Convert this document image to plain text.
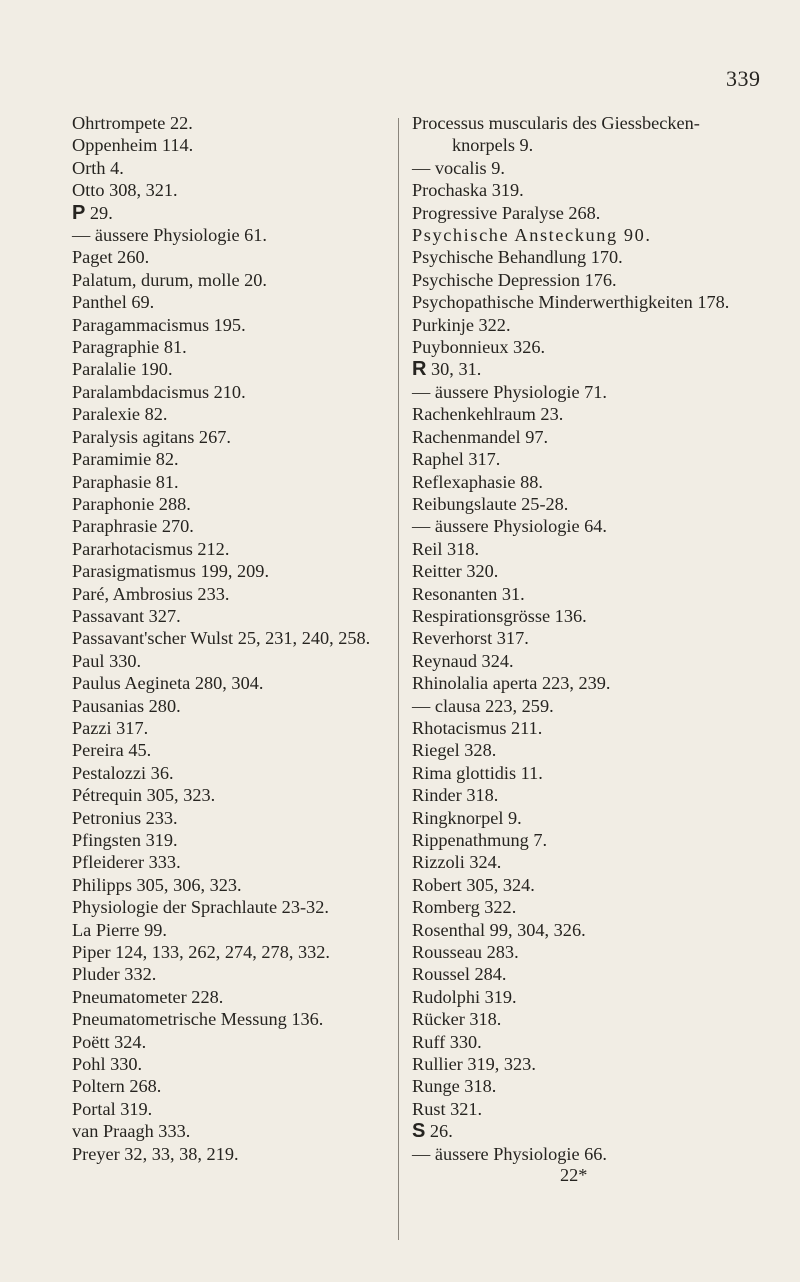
339
Ohrtrompete 22.
Oppenheim 114.
Orth 4.
Otto 308, 321.
P 29.
— äussere Physiologie 61.
Paget 260.
Palatum, durum, molle 20.
Panthel 69.
Paragammacismus 195.
Paragraphie 81.
Paralalie 190.
Paralambdacismus 210.
Paralexie 82.
Paralysis agitans 267.
Paramimie 82.
Paraphasie 81.
Paraphonie 288.
Paraphrasie 270.
Pararhotacismus 212.
Parasigmatismus 199, 209.
Paré, Ambrosius 233.
Passavant 327.
Passavant'scher Wulst 25, 231, 240, 258.
Paul 330.
Paulus Aegineta 280, 304.
Pausanias 280.
Pazzi 317.
Pereira 45.
Pestalozzi 36.
Pétrequin 305, 323.
Petronius 233.
Pfingsten 319.
Pfleiderer 333.
Philipps 305, 306, 323.
Physiologie der Sprachlaute 23-32.
La Pierre 99.
Piper 124, 133, 262, 274, 278, 332.
Pluder 332.
Pneumatometer 228.
Pneumatometrische Messung 136.
Poëtt 324.
Pohl 330.
Poltern 268.
Portal 319.
van Praagh 333.
Preyer 32, 33, 38, 219.
Processus muscularis des Giessbecken-
knorpels 9.
— vocalis 9.
Prochaska 319.
Progressive Paralyse 268.
Psychische Ansteckung 90.
Psychische Behandlung 170.
Psychische Depression 176.
Psychopathische Minderwerthigkeiten 178.
Purkinje 322.
Puybonnieux 326.
R 30, 31.
— äussere Physiologie 71.
Rachenkehlraum 23.
Rachenmandel 97.
Raphel 317.
Reflexaphasie 88.
Reibungslaute 25-28.
— äussere Physiologie 64.
Reil 318.
Reitter 320.
Resonanten 31.
Respirationsgrösse 136.
Reverhorst 317.
Reynaud 324.
Rhinolalia aperta 223, 239.
— clausa 223, 259.
Rhotacismus 211.
Riegel 328.
Rima glottidis 11.
Rinder 318.
Ringknorpel 9.
Rippenathmung 7.
Rizzoli 324.
Robert 305, 324.
Romberg 322.
Rosenthal 99, 304, 326.
Rousseau 283.
Roussel 284.
Rudolphi 319.
Rücker 318.
Ruff 330.
Rullier 319, 323.
Runge 318.
Rust 321.
S 26.
— äussere Physiologie 66.
22*
